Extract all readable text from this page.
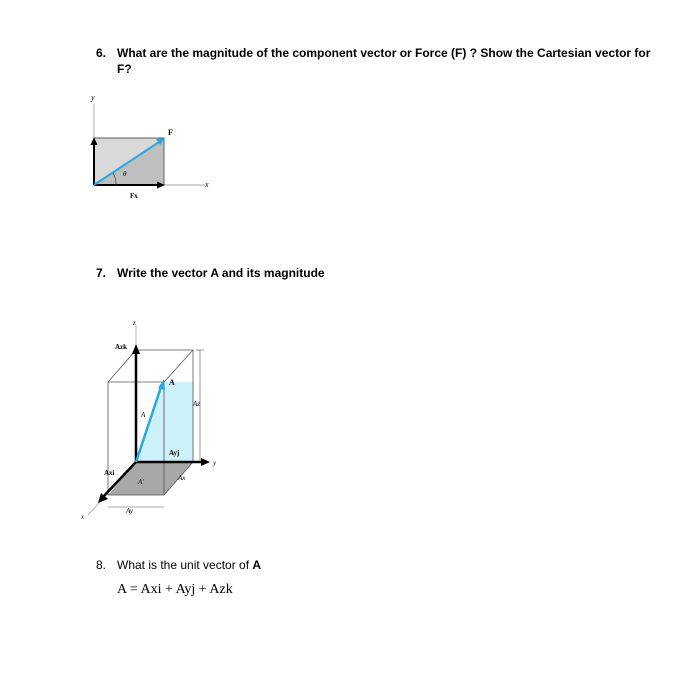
6. What are the magnitude of the component vector or Force (F) ? Show the Cartesian vector for
F?
y
x
F
θ
Fx
7. Write the vector A and its magnitude
z
y
x
Azk
A
A
Az
Ayj
Axi
A'	Ax
Ay
8. What is the unit vector of A
A = Axi + Ayj + Azk
